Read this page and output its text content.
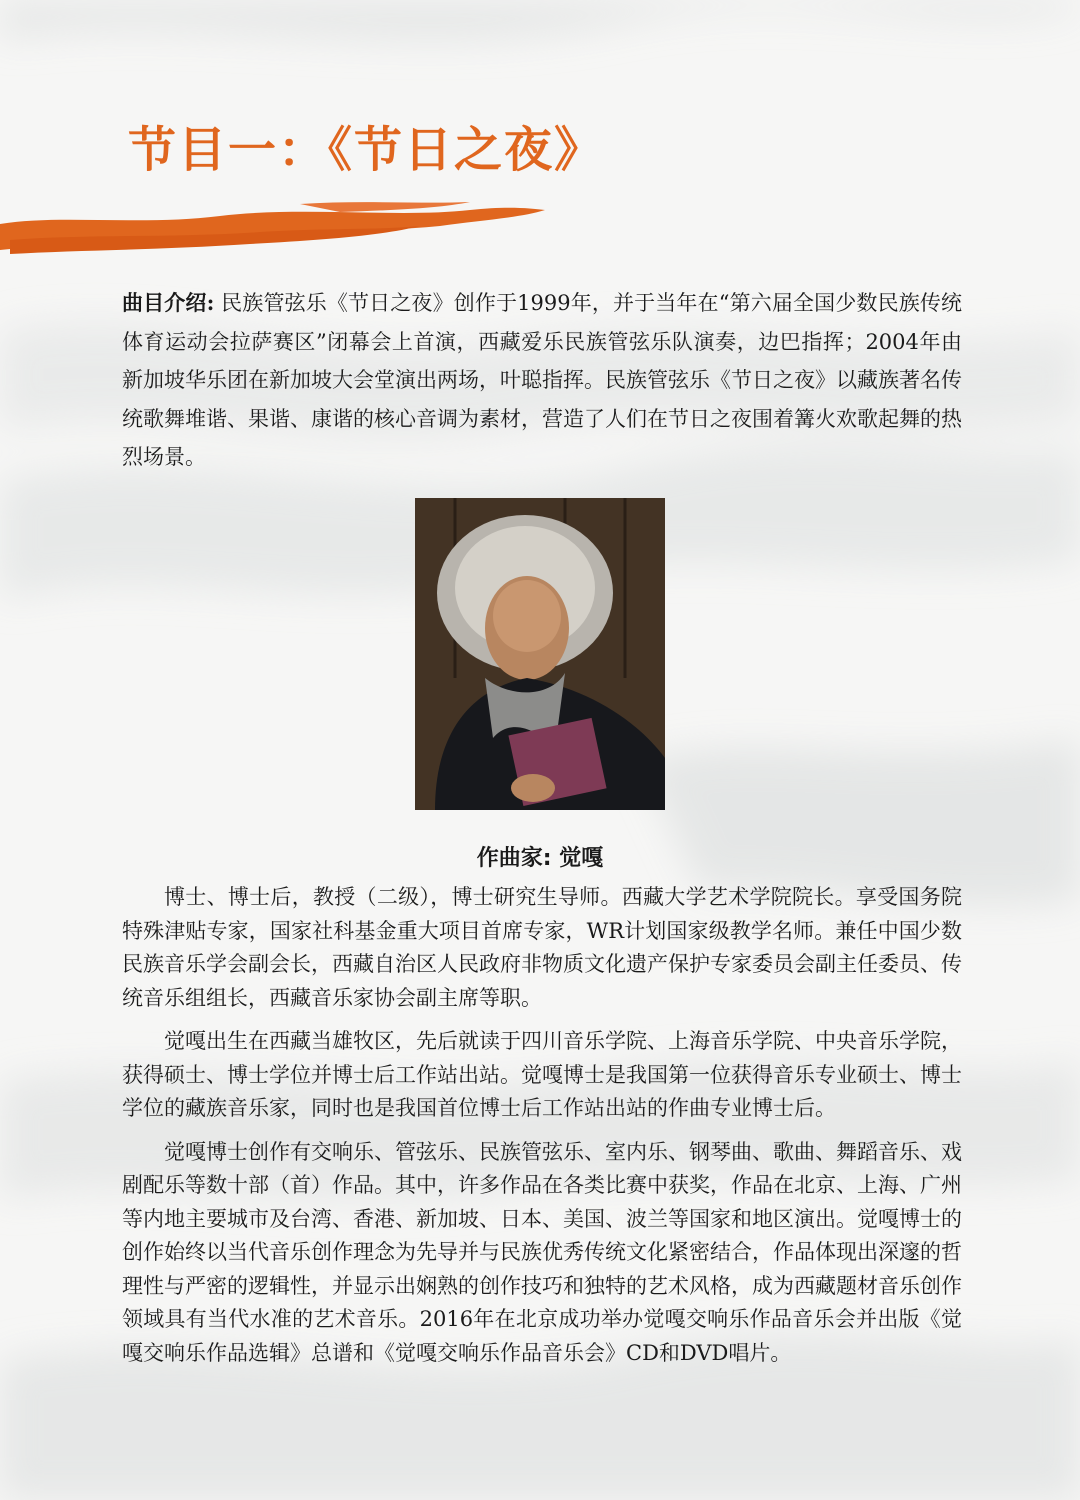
节目一：《节日之夜》
曲目介绍: 民族管弦乐《节日之夜》创作于1999年，并于当年在“第六届全国少数民族传统体育运动会拉萨赛区”闭幕会上首演，西藏爱乐民族管弦乐队演奏，边巴指挥；2004年由新加坡华乐团在新加坡大会堂演出两场，叶聪指挥。民族管弦乐《节日之夜》以藏族著名传统歌舞堆谐、果谐、康谐的核心音调为素材，营造了人们在节日之夜围着篝火欢歌起舞的热烈场景。
作曲家: 觉嘎

博士、博士后，教授（二级），博士研究生导师。西藏大学艺术学院院长。享受国务院特殊津贴专家，国家社科基金重大项目首席专家，WR计划国家级教学名师。兼任中国少数民族音乐学会副会长，西藏自治区人民政府非物质文化遗产保护专家委员会副主任委员、传统音乐组组长，西藏音乐家协会副主席等职。

觉嘎出生在西藏当雄牧区，先后就读于四川音乐学院、上海音乐学院、中央音乐学院，获得硕士、博士学位并博士后工作站出站。觉嘎博士是我国第一位获得音乐专业硕士、博士学位的藏族音乐家，同时也是我国首位博士后工作站出站的作曲专业博士后。

觉嘎博士创作有交响乐、管弦乐、民族管弦乐、室内乐、钢琴曲、歌曲、舞蹈音乐、戏剧配乐等数十部（首）作品。其中，许多作品在各类比赛中获奖，作品在北京、上海、广州等内地主要城市及台湾、香港、新加坡、日本、美国、波兰等国家和地区演出。觉嘎博士的创作始终以当代音乐创作理念为先导并与民族优秀传统文化紧密结合，作品体现出深邃的哲理性与严密的逻辑性，并显示出娴熟的创作技巧和独特的艺术风格，成为西藏题材音乐创作领域具有当代水准的艺术音乐。2016年在北京成功举办觉嘎交响乐作品音乐会并出版《觉嘎交响乐作品选辑》总谱和《觉嘎交响乐作品音乐会》CD和DVD唱片。
